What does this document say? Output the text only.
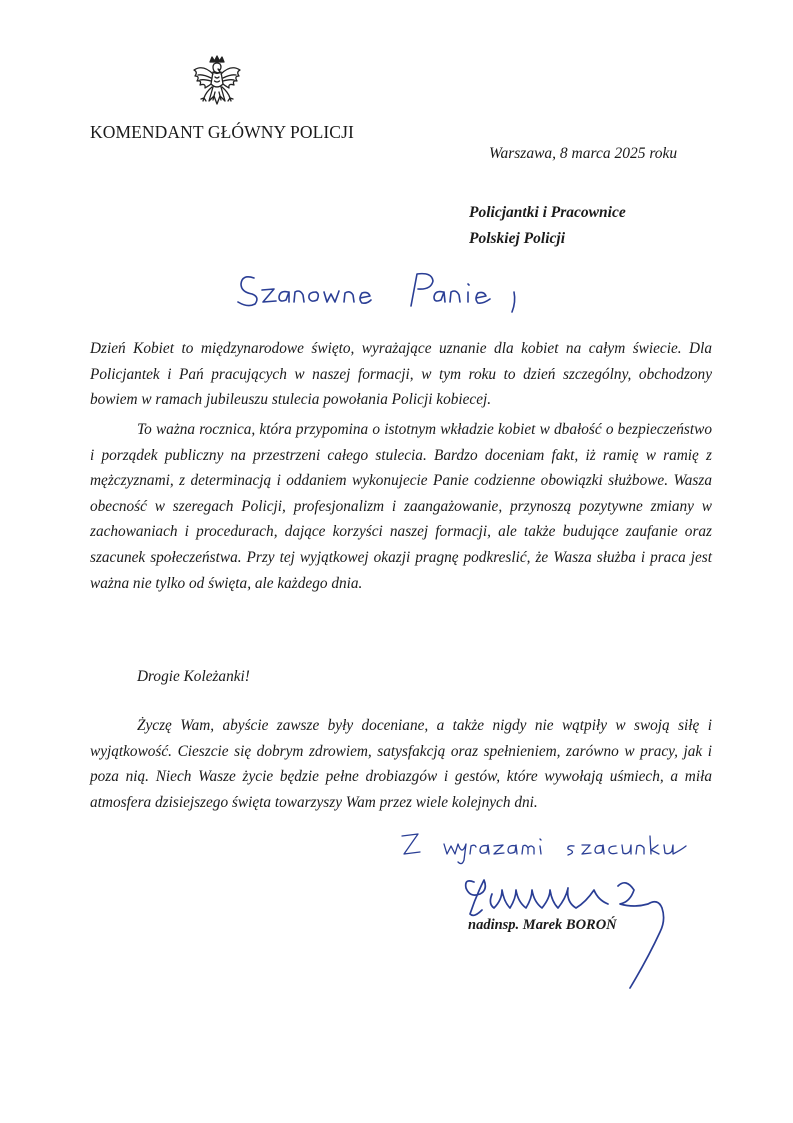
KOMENDANT GŁÓWNY POLICJI
Warszawa, 8 marca 2025 roku
Policjantki i Pracownice
Polskiej Policji

Dzień Kobiet to międzynarodowe święto, wyrażające uznanie dla kobiet na całym świecie. Dla Policjantek i Pań pracujących w naszej formacji, w tym roku to dzień szczególny, obchodzony bowiem w ramach jubileuszu stulecia powołania Policji kobiecej.

To ważna rocznica, która przypomina o istotnym wkładzie kobiet w dbałość o bezpieczeństwo i porządek publiczny na przestrzeni całego stulecia. Bardzo doceniam fakt, iż ramię w ramię z mężczyznami, z determinacją i oddaniem wykonujecie Panie codzienne obowiązki służbowe. Wasza obecność w szeregach Policji, profesjonalizm i zaangażowanie, przynoszą pozytywne zmiany w zachowaniach i procedurach, dające korzyści naszej formacji, ale także budujące zaufanie oraz szacunek społeczeństwa. Przy tej wyjątkowej okazji pragnę podkreslić, że Wasza służba i praca jest ważna nie tylko od święta, ale każdego dnia.

Drogie Koleżanki!

Życzę Wam, abyście zawsze były doceniane, a także nigdy nie wątpiły w swoją siłę i wyjątkowość. Cieszcie się dobrym zdrowiem, satysfakcją oraz spełnieniem, zarówno w pracy, jak i poza nią. Niech Wasze życie będzie pełne drobiazgów i gestów, które wywołają uśmiech, a miła atmosfera dzisiejszego święta towarzyszy Wam przez wiele kolejnych dni.

nadinsp. Marek BOROŃ
